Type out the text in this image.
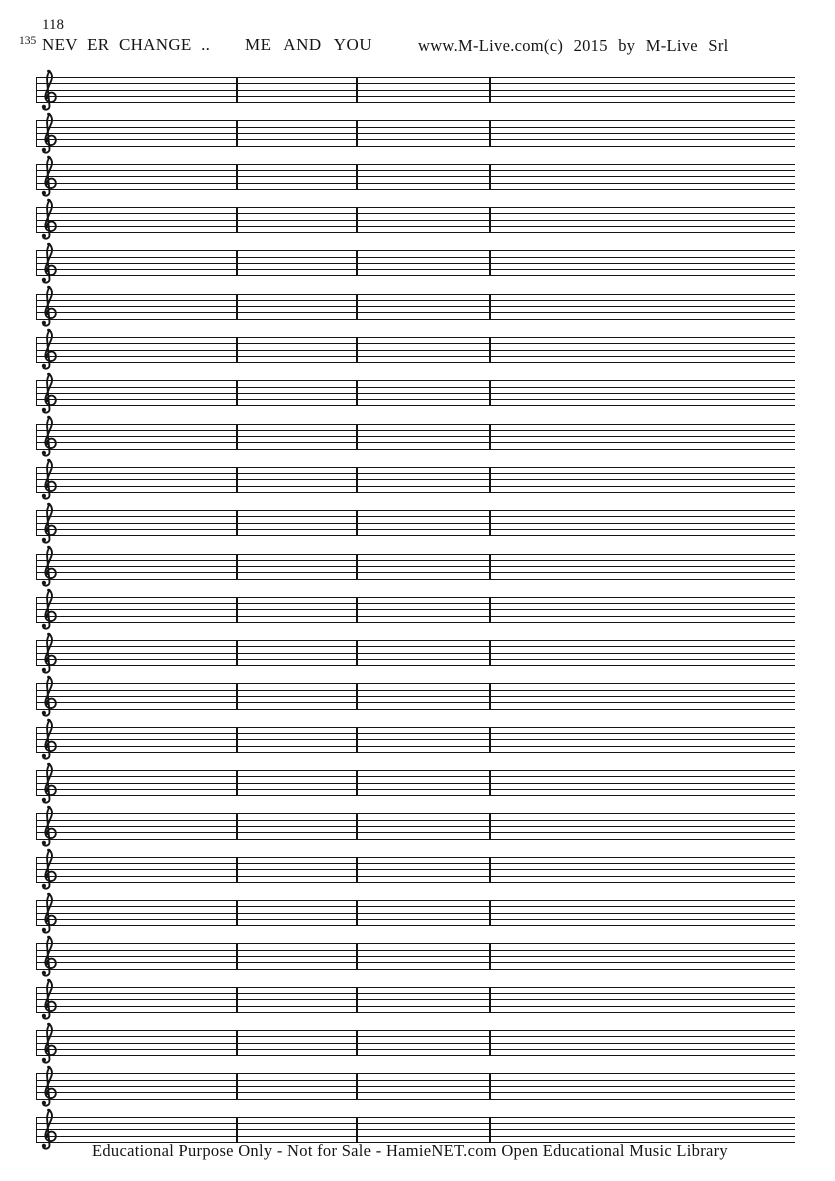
118
135 NEV ER CHANGE .. ME AND YOU	www.M-Live.com(c) 2015 by M-Live Srl
Educational Purpose Only - Not for Sale - HamieNET.com Open Educational Music Library
